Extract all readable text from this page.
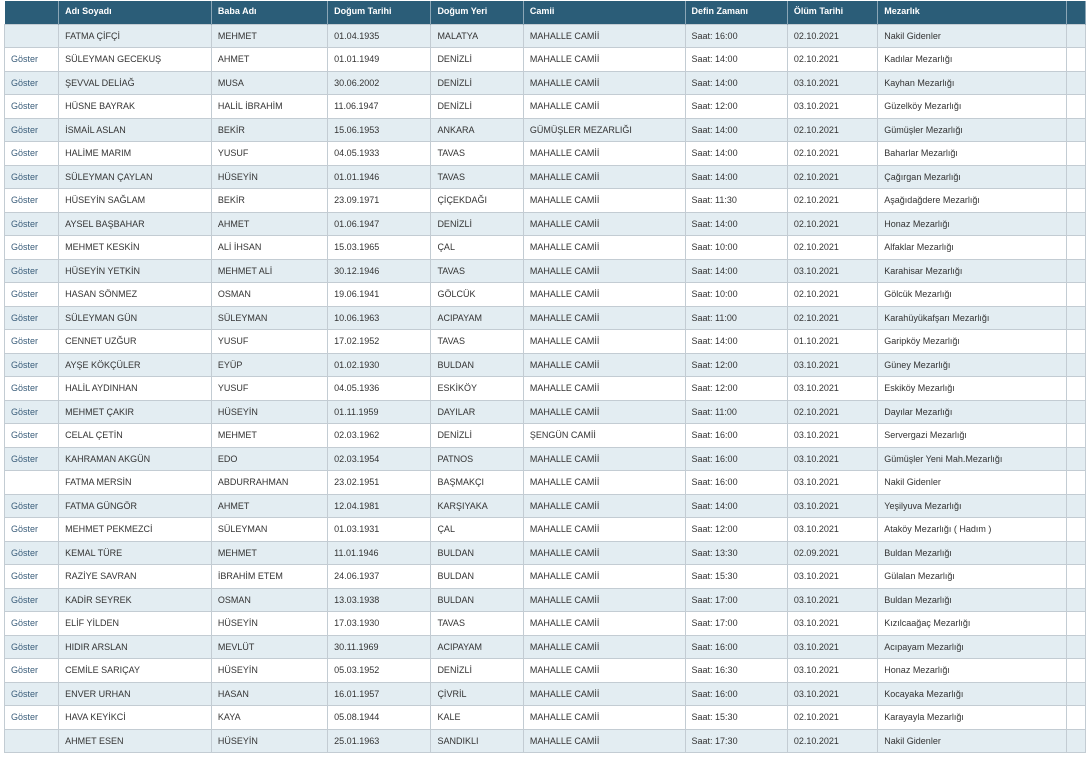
	Adı Soyadı	Baba Adı	Doğum Tarihi	Doğum Yeri	Camii	Defin Zamanı	Ölüm Tarihi	Mezarlık	
	FATMA ÇİFÇİ	MEHMET	01.04.1935	MALATYA	MAHALLE CAMİİ	Saat: 16:00	02.10.2021	Nakil Gidenler	
Göster	SÜLEYMAN GECEKUŞ	AHMET	01.01.1949	DENİZLİ	MAHALLE CAMİİ	Saat: 14:00	02.10.2021	Kadılar Mezarlığı	
Göster	ŞEVVAL DELİAĞ	MUSA	30.06.2002	DENİZLİ	MAHALLE CAMİİ	Saat: 14:00	03.10.2021	Kayhan Mezarlığı	
Göster	HÜSNE BAYRAK	HALİL İBRAHİM	11.06.1947	DENİZLİ	MAHALLE CAMİİ	Saat: 12:00	03.10.2021	Güzelköy Mezarlığı	
Göster	İSMAİL ASLAN	BEKİR	15.06.1953	ANKARA	GÜMÜŞLER MEZARLIĞI	Saat: 14:00	02.10.2021	Gümüşler Mezarlığı	
Göster	HALİME MARIM	YUSUF	04.05.1933	TAVAS	MAHALLE CAMİİ	Saat: 14:00	02.10.2021	Baharlar Mezarlığı	
Göster	SÜLEYMAN ÇAYLAN	HÜSEYİN	01.01.1946	TAVAS	MAHALLE CAMİİ	Saat: 14:00	02.10.2021	Çağırgan Mezarlığı	
Göster	HÜSEYİN SAĞLAM	BEKİR	23.09.1971	ÇİÇEKDAĞI	MAHALLE CAMİİ	Saat: 11:30	02.10.2021	Aşağıdağdere Mezarlığı	
Göster	AYSEL BAŞBAHAR	AHMET	01.06.1947	DENİZLİ	MAHALLE CAMİİ	Saat: 14:00	02.10.2021	Honaz Mezarlığı	
Göster	MEHMET KESKİN	ALİ İHSAN	15.03.1965	ÇAL	MAHALLE CAMİİ	Saat: 10:00	02.10.2021	Alfaklar Mezarlığı	
Göster	HÜSEYİN YETKİN	MEHMET ALİ	30.12.1946	TAVAS	MAHALLE CAMİİ	Saat: 14:00	03.10.2021	Karahisar Mezarlığı	
Göster	HASAN SÖNMEZ	OSMAN	19.06.1941	GÖLCÜK	MAHALLE CAMİİ	Saat: 10:00	02.10.2021	Gölcük Mezarlığı	
Göster	SÜLEYMAN GÜN	SÜLEYMAN	10.06.1963	ACIPAYAM	MAHALLE CAMİİ	Saat: 11:00	02.10.2021	Karahüyükafşarı Mezarlığı	
Göster	CENNET UZĞUR	YUSUF	17.02.1952	TAVAS	MAHALLE CAMİİ	Saat: 14:00	01.10.2021	Garipköy Mezarlığı	
Göster	AYŞE KÖKÇÜLER	EYÜP	01.02.1930	BULDAN	MAHALLE CAMİİ	Saat: 12:00	03.10.2021	Güney Mezarlığı	
Göster	HALİL AYDINHAN	YUSUF	04.05.1936	ESKİKÖY	MAHALLE CAMİİ	Saat: 12:00	03.10.2021	Eskiköy Mezarlığı	
Göster	MEHMET ÇAKIR	HÜSEYİN	01.11.1959	DAYILAR	MAHALLE CAMİİ	Saat: 11:00	02.10.2021	Dayılar Mezarlığı	
Göster	CELAL ÇETİN	MEHMET	02.03.1962	DENİZLİ	ŞENGÜN CAMİİ	Saat: 16:00	03.10.2021	Servergazi Mezarlığı	
Göster	KAHRAMAN AKGÜN	EDO	02.03.1954	PATNOS	MAHALLE CAMİİ	Saat: 16:00	03.10.2021	Gümüşler Yeni Mah.Mezarlığı	
	FATMA MERSİN	ABDURRAHMAN	23.02.1951	BAŞMAKÇI	MAHALLE CAMİİ	Saat: 16:00	03.10.2021	Nakil Gidenler	
Göster	FATMA GÜNGÖR	AHMET	12.04.1981	KARŞIYAKA	MAHALLE CAMİİ	Saat: 14:00	03.10.2021	Yeşilyuva Mezarlığı	
Göster	MEHMET PEKMEZCİ	SÜLEYMAN	01.03.1931	ÇAL	MAHALLE CAMİİ	Saat: 12:00	03.10.2021	Ataköy Mezarlığı ( Hadım )	
Göster	KEMAL TÜRE	MEHMET	11.01.1946	BULDAN	MAHALLE CAMİİ	Saat: 13:30	02.09.2021	Buldan Mezarlığı	
Göster	RAZİYE SAVRAN	İBRAHİM ETEM	24.06.1937	BULDAN	MAHALLE CAMİİ	Saat: 15:30	03.10.2021	Gülalan Mezarlığı	
Göster	KADİR SEYREK	OSMAN	13.03.1938	BULDAN	MAHALLE CAMİİ	Saat: 17:00	03.10.2021	Buldan Mezarlığı	
Göster	ELİF YİLDEN	HÜSEYİN	17.03.1930	TAVAS	MAHALLE CAMİİ	Saat: 17:00	03.10.2021	Kızılcaağaç Mezarlığı	
Göster	HIDIR ARSLAN	MEVLÜT	30.11.1969	ACIPAYAM	MAHALLE CAMİİ	Saat: 16:00	03.10.2021	Acıpayam Mezarlığı	
Göster	CEMİLE SARIÇAY	HÜSEYİN	05.03.1952	DENİZLİ	MAHALLE CAMİİ	Saat: 16:30	03.10.2021	Honaz Mezarlığı	
Göster	ENVER URHAN	HASAN	16.01.1957	ÇİVRİL	MAHALLE CAMİİ	Saat: 16:00	03.10.2021	Kocayaka Mezarlığı	
Göster	HAVA KEYİKCİ	KAYA	05.08.1944	KALE	MAHALLE CAMİİ	Saat: 15:30	02.10.2021	Karayayla Mezarlığı	
	AHMET ESEN	HÜSEYİN	25.01.1963	SANDIKLI	MAHALLE CAMİİ	Saat: 17:30	02.10.2021	Nakil Gidenler	
